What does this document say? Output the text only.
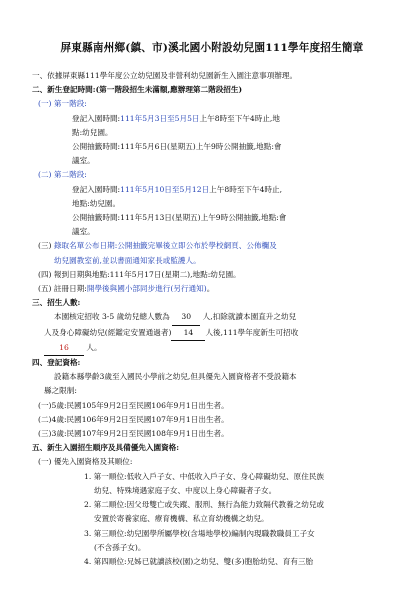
屏東縣南州鄉(鎮、市)溪北國小附設幼兒園111學年度招生簡章
一、依據屏東縣111學年度公立幼兒園及非營利幼兒園新生入園注意事項辦理。
二、新生登記時間:(第一階段招生未滿額,應辦理第二階段招生)
(一) 第一階段:
登記入園時間:111年5月3日至5月5日上午8時至下午4時止,地
點:幼兒園。
公開抽籤時間:111年5月6日(星期五)上午9時公開抽籤,地點:會
議室。
(二) 第二階段:
登記入園時間:111年5月10日至5月12日上午8時至下午4時止,
地點:幼兒園。
公開抽籤時間:111年5月13日(星期五)上午9時公開抽籤,地點:會
議室。
(三) 錄取名單公布日期:公開抽籤完畢後立即公布於學校網頁、公佈欄及
幼兒園教室前,並以書面通知家長或監護人。
(四) 報到日期與地點:111年5月17日(星期二),地點:幼兒園。
(五) 註冊日期:開學後與國小部同步進行(另行通知)。
三、招生人數:
本園核定招收 3-5 歲幼兒總人數為 30 人,扣除就讀本園直升之幼兒
人及身心障礙幼兒(經鑑定安置通過者) 14 人後,111學年度新生可招收
16 人。
四、登記資格:
設籍本縣學齡3歲至入國民小學前之幼兒,但具優先入園資格者不受設籍本
縣之限制:
(一)5歲:民國105年9月2日至民國106年9月1日出生者。
(二)4歲:民國106年9月2日至民國107年9月1日出生者。
(三)3歲:民國107年9月2日至民國108年9月1日出生者。
五、新生入園招生順序及具備優先入園資格:
(一) 優先入園資格及其順位:
1. 第一順位:低收入戶子女、中低收入戶子女、身心障礙幼兒、原住民族
幼兒、特殊境遇家庭子女、中度以上身心障礙者子女。
2. 第二順位:因父母雙亡或失蹤、服刑、無行為能力致隔代教養之幼兒或
安置於寄養家庭、療育機構、私立育幼機構之幼兒。
3. 第三順位:幼兒園學所屬學校(含場地學校)編制內現職教職員工子女
(不含孫子女)。
4. 第四順位:兄姊已就讀該校(園)之幼兒、雙(多)胞胎幼兒、育有三胎
